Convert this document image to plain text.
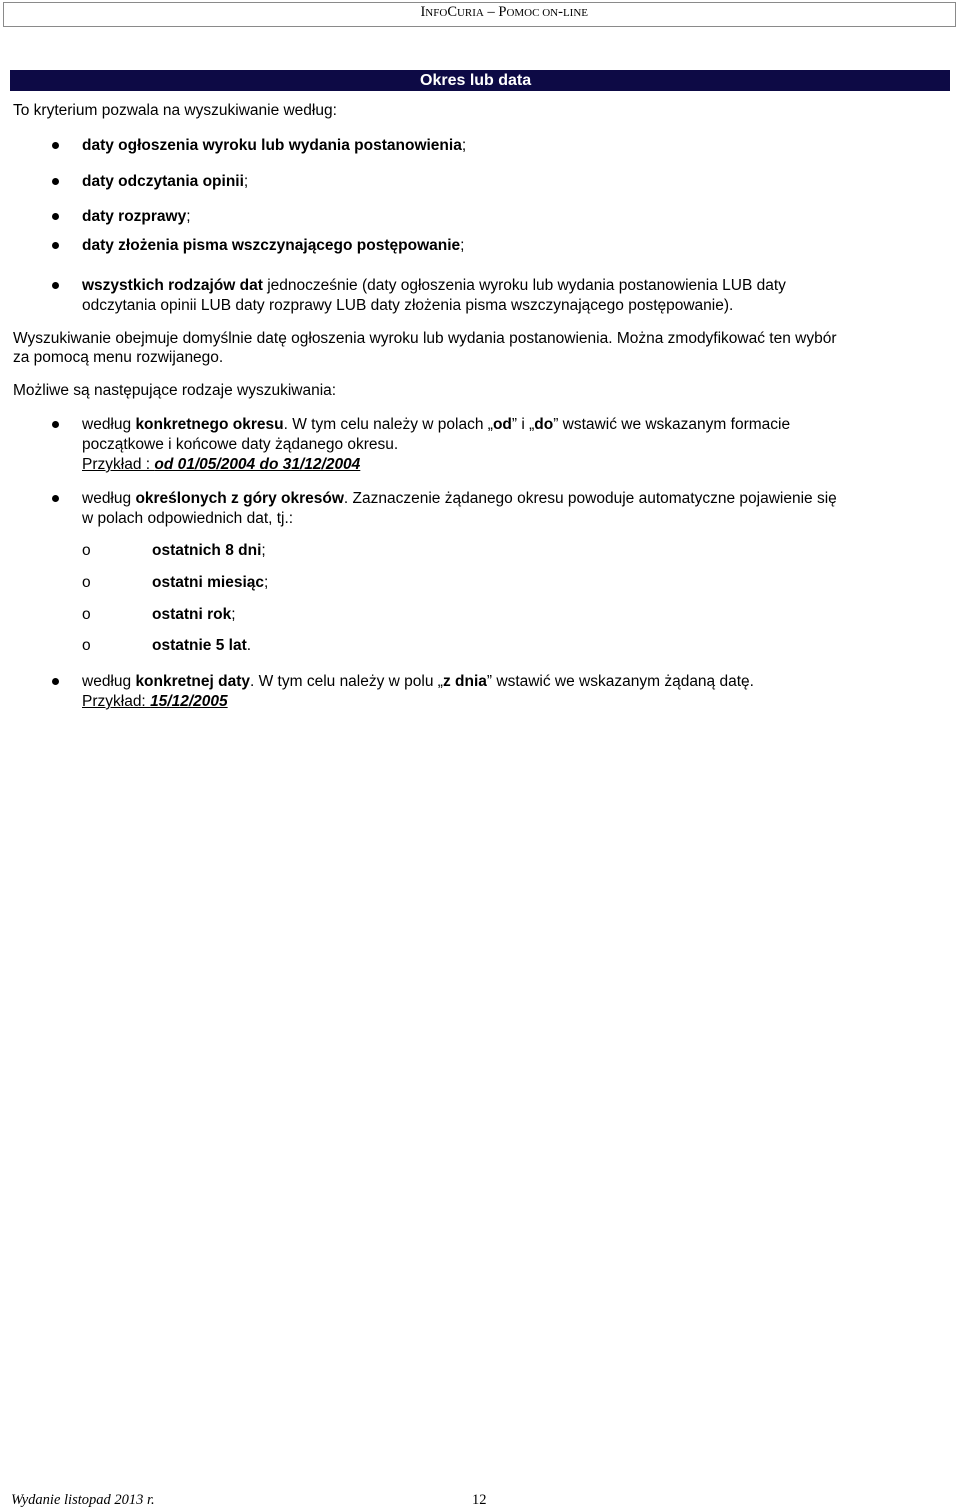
INFOCURIA – POMOC ON-LINE
Okres lub data
To kryterium pozwala na wyszukiwanie według:
daty ogłoszenia wyroku lub wydania postanowienia;
daty odczytania opinii;
daty rozprawy;
daty złożenia pisma wszczynającego postępowanie;
wszystkich rodzajów dat jednocześnie (daty ogłoszenia wyroku lub wydania postanowienia LUB daty
odczytania opinii LUB daty rozprawy LUB daty złożenia pisma wszczynającego postępowanie).
Wyszukiwanie obejmuje domyślnie datę ogłoszenia wyroku lub wydania postanowienia. Można zmodyfikować ten wybór
za pomocą menu rozwijanego.
Możliwe są następujące rodzaje wyszukiwania:
według konkretnego okresu. W tym celu należy w polach „od” i „do” wstawić we wskazanym formacie
początkowe i końcowe daty żądanego okresu.
Przykład : od 01/05/2004 do 31/12/2004
według określonych z góry okresów. Zaznaczenie żądanego okresu powoduje automatyczne pojawienie się
w polach odpowiednich dat, tj.:
o	ostatnich 8 dni;
o	ostatni miesiąc;
o	ostatni rok;
o	ostatnie 5 lat.
według konkretnej daty. W tym celu należy w polu „z dnia” wstawić we wskazanym żądaną datę.
Przykład: 15/12/2005
Wydanie listopad 2013 r.	12
